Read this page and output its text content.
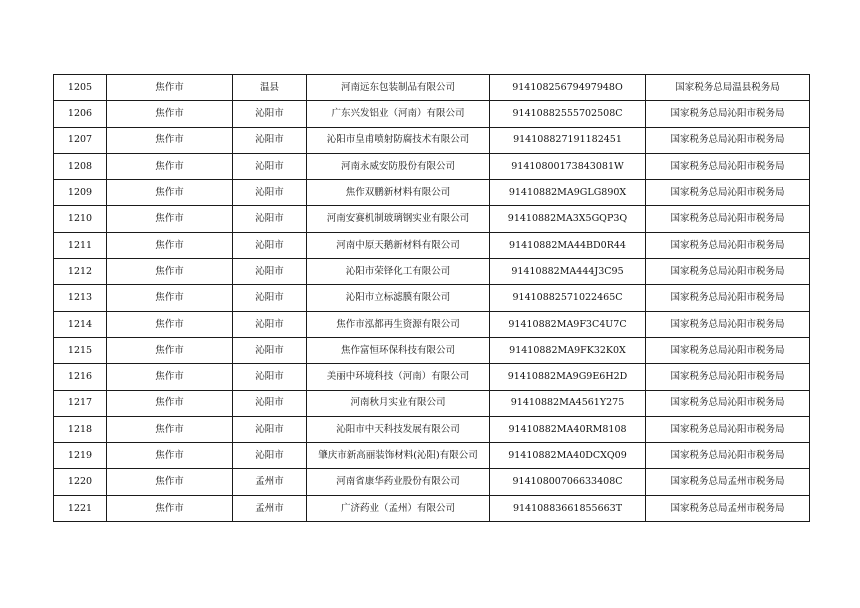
1205	焦作市	温县	河南远东包装制品有限公司	91410825679497948O	国家税务总局温县税务局
1206	焦作市	沁阳市	广东兴发铝业（河南）有限公司	91410882555702508C	国家税务总局沁阳市税务局
1207	焦作市	沁阳市	沁阳市皇甫喷射防腐技术有限公司	914108827191182451	国家税务总局沁阳市税务局
1208	焦作市	沁阳市	河南永威安防股份有限公司	91410800173843081W	国家税务总局沁阳市税务局
1209	焦作市	沁阳市	焦作双鹏新材料有限公司	91410882MA9GLG890X	国家税务总局沁阳市税务局
1210	焦作市	沁阳市	河南安赛机制玻璃钢实业有限公司	91410882MA3X5GQP3Q	国家税务总局沁阳市税务局
1211	焦作市	沁阳市	河南中原天鹅新材料有限公司	91410882MA44BD0R44	国家税务总局沁阳市税务局
1212	焦作市	沁阳市	沁阳市荣铎化工有限公司	91410882MA444J3C95	国家税务总局沁阳市税务局
1213	焦作市	沁阳市	沁阳市立标滤膜有限公司	91410882571022465C	国家税务总局沁阳市税务局
1214	焦作市	沁阳市	焦作市泓都再生资源有限公司	91410882MA9F3C4U7C	国家税务总局沁阳市税务局
1215	焦作市	沁阳市	焦作富恒环保科技有限公司	91410882MA9FK32K0X	国家税务总局沁阳市税务局
1216	焦作市	沁阳市	美丽中环境科技（河南）有限公司	91410882MA9G9E6H2D	国家税务总局沁阳市税务局
1217	焦作市	沁阳市	河南秋月实业有限公司	91410882MA4561Y275	国家税务总局沁阳市税务局
1218	焦作市	沁阳市	沁阳市中天科技发展有限公司	91410882MA40RM8108	国家税务总局沁阳市税务局
1219	焦作市	沁阳市	肇庆市新高丽装饰材料(沁阳)有限公司	91410882MA40DCXQ09	国家税务总局沁阳市税务局
1220	焦作市	孟州市	河南省康华药业股份有限公司	91410800706633408C	国家税务总局孟州市税务局
1221	焦作市	孟州市	广济药业（孟州）有限公司	91410883661855663T	国家税务总局孟州市税务局
